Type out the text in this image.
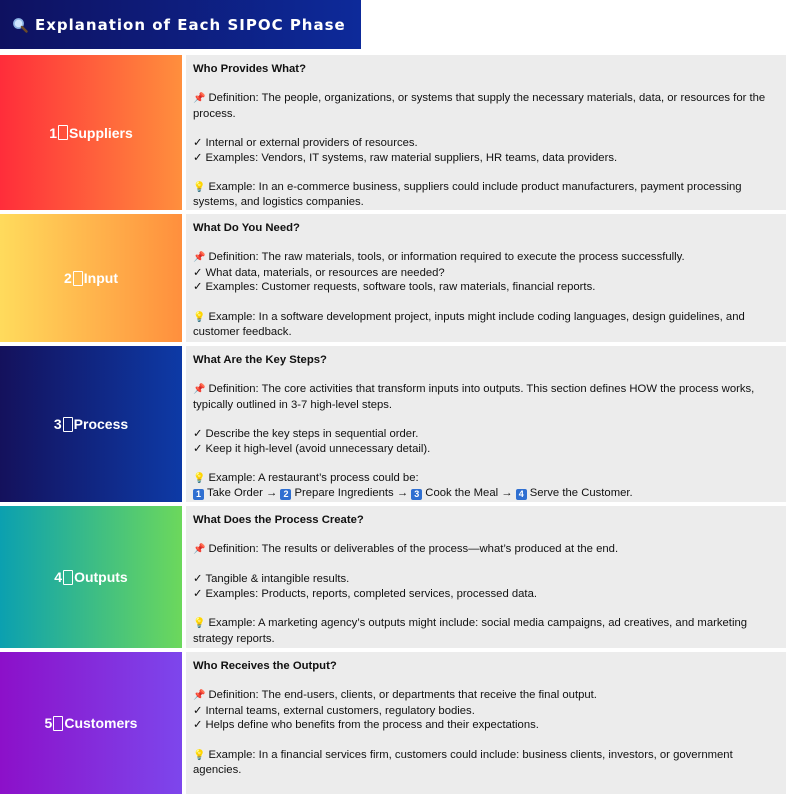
Explanation of Each SIPOC Phase
1 Suppliers
Who Provides What?

📌 Definition: The people, organizations, or systems that supply the necessary materials, data, or resources for the process.

✓ Internal or external providers of resources.

✓ Examples: Vendors, IT systems, raw material suppliers, HR teams, data providers.

💡 Example: In an e-commerce business, suppliers could include product manufacturers, payment processing systems, and logistics companies.

2 Input
What Do You Need?

📌 Definition: The raw materials, tools, or information required to execute the process successfully.

✓ What data, materials, or resources are needed?

✓ Examples: Customer requests, software tools, raw materials, financial reports.

💡 Example: In a software development project, inputs might include coding languages, design guidelines, and customer feedback.

3 Process
What Are the Key Steps?

📌 Definition: The core activities that transform inputs into outputs. This section defines HOW the process works, typically outlined in 3-7 high-level steps.

✓ Describe the key steps in sequential order.

✓ Keep it high-level (avoid unnecessary detail).

💡 Example: A restaurant’s process could be:

1 Take Order → 2 Prepare Ingredients → 3 Cook the Meal → 4 Serve the Customer.

4 Outputs
What Does the Process Create?

📌 Definition: The results or deliverables of the process—what’s produced at the end.

✓ Tangible & intangible results.

✓ Examples: Products, reports, completed services, processed data.

💡 Example: A marketing agency’s outputs might include: social media campaigns, ad creatives, and marketing strategy reports.

5 Customers
Who Receives the Output?

📌 Definition: The end-users, clients, or departments that receive the final output.

✓ Internal teams, external customers, regulatory bodies.

✓ Helps define who benefits from the process and their expectations.

💡 Example: In a financial services firm, customers could include: business clients, investors, or government agencies.
